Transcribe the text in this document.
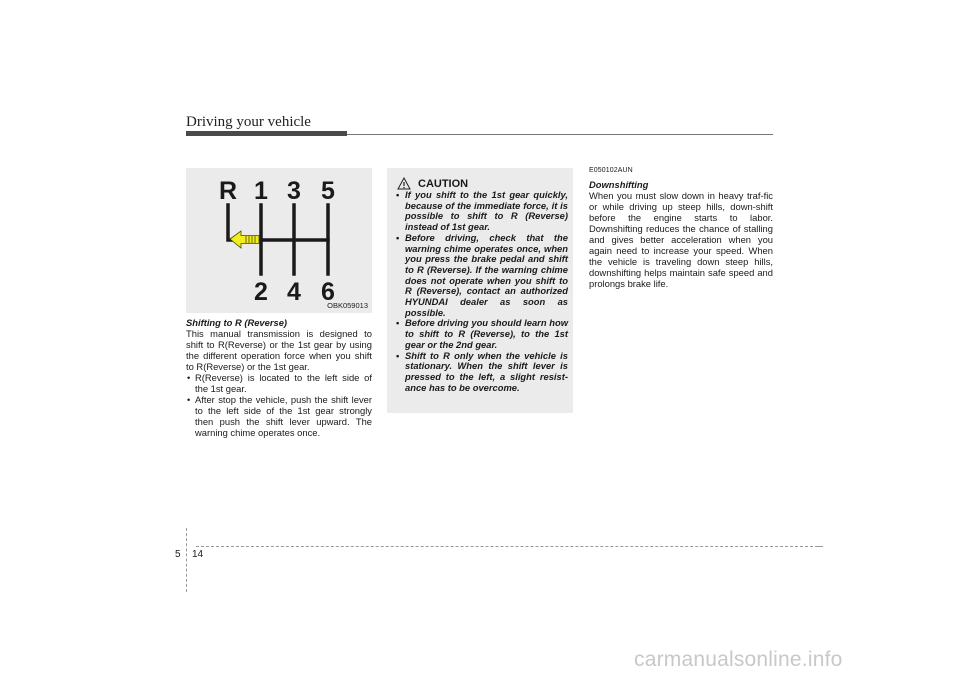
Driving your vehicle
R 1 3 5
2 4 6
OBK059013

Shifting to R (Reverse)

This manual transmission is designed to shift to R(Reverse) or the 1st gear by using the different operation force when you shift to R(Reverse) or the 1st gear.

• R(Reverse) is located to the left side of the 1st gear.
• After stop the vehicle, push the shift lever to the left side of the 1st gear strongly then push the shift lever upward. The warning chime operates once.
CAUTION
• If you shift to the 1st gear quickly, because of the immediate force, it is possible to shift to R (Reverse) instead of 1st gear.
• Before driving, check that the warning chime operates once, when you press the brake pedal and shift to R (Reverse). If the warning chime does not operate when you shift to R (Reverse), contact an authorized HYUNDAI dealer as soon as possible.
• Before driving you should learn how to shift to R (Reverse), to the 1st gear or the 2nd gear.
• Shift to R only when the vehicle is stationary. When the shift lever is pressed to the left, a slight resist-ance has to be overcome.

E050102AUN

Downshifting

When you must slow down in heavy traf-fic or while driving up steep hills, down-shift before the engine starts to labor. Downshifting reduces the chance of stalling and gives better acceleration when you again need to increase your speed. When the vehicle is traveling down steep hills, downshifting helps maintain safe speed and prolongs brake life.

5 14
carmanualsonline.info
